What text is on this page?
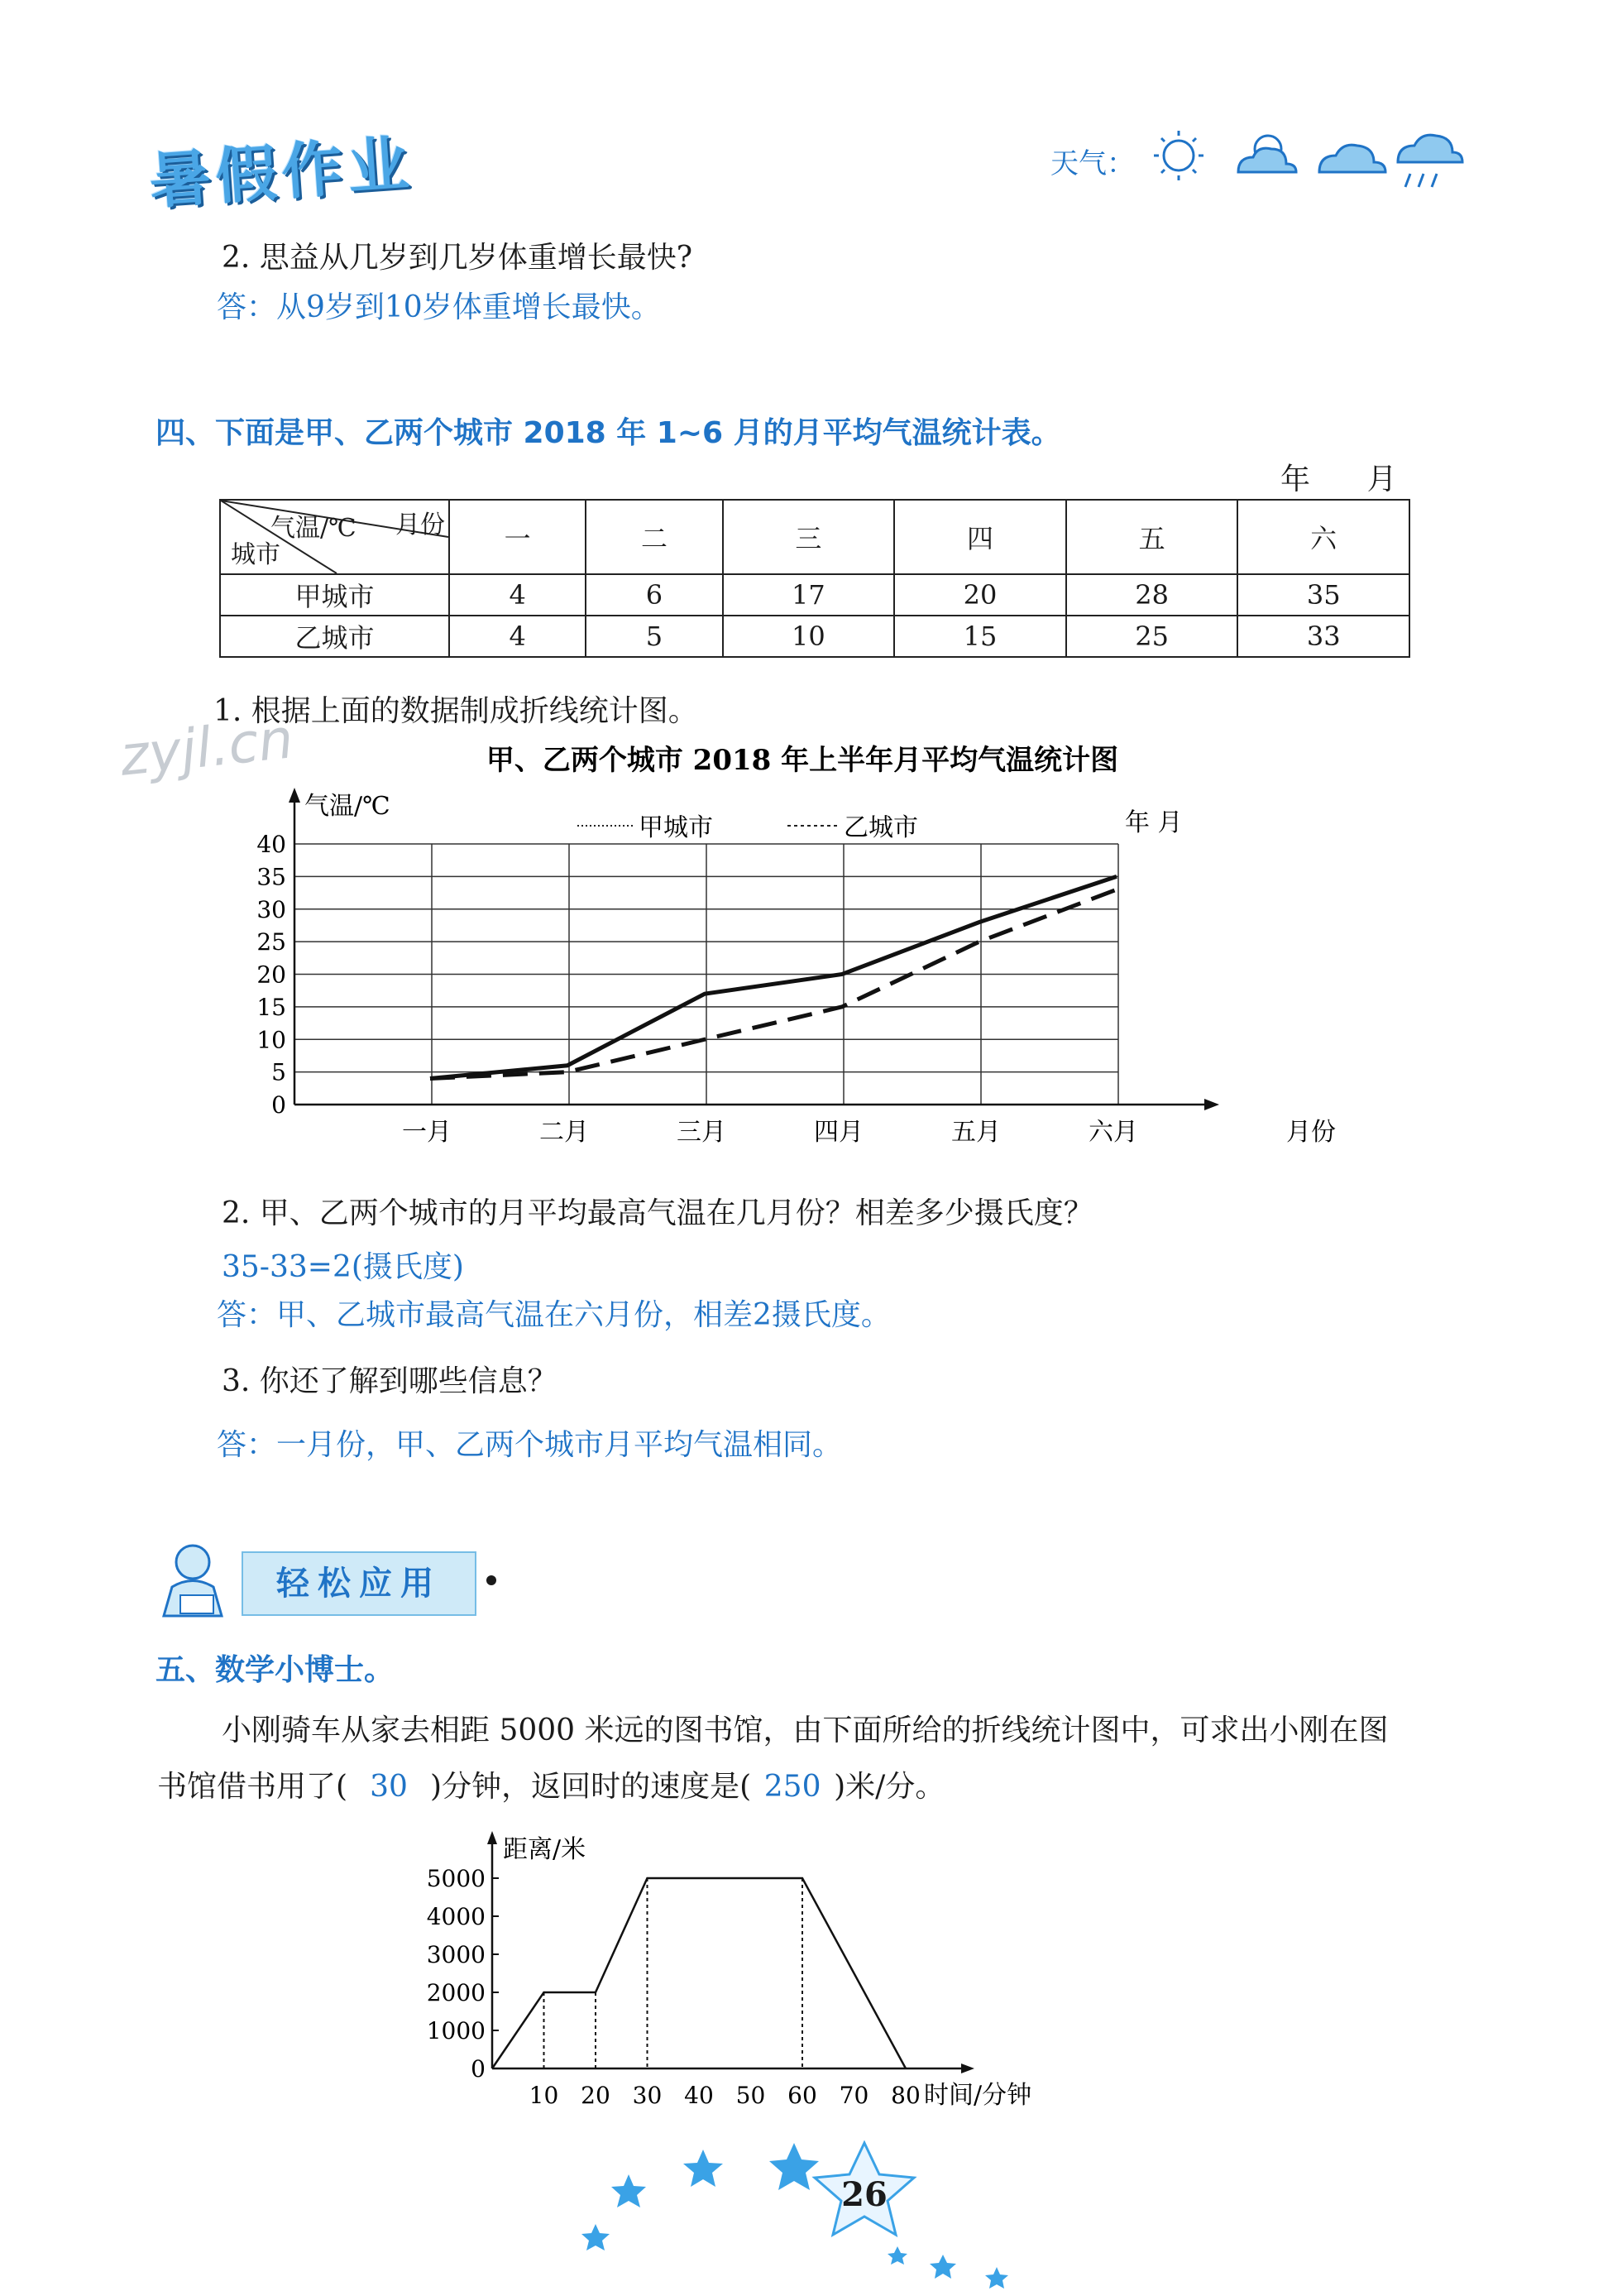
暑假作业	天气：
2. 思益从几岁到几岁体重增长最快?
答：从9岁到10岁体重增长最快。
四、下面是甲、乙两个城市 2018 年 1~6 月的月平均气温统计表。
年      月
月份
气温/℃
城市	一	二	三	四	五	六
甲城市	4	6	17	20	28	35
乙城市	4	5	10	15	25	33
zyjl.cn
1. 根据上面的数据制成折线统计图。
甲、乙两个城市 2018 年上半年月平均气温统计图
气温/℃
年 月
月份
甲城市	乙城市
0
5
10
15
20
25
30
35
40
一月	二月	三月	四月	五月	六月
2. 甲、乙两个城市的月平均最高气温在几月份？相差多少摄氏度？
35-33=2(摄氏度)
答：甲、乙城市最高气温在六月份，相差2摄氏度。
3. 你还了解到哪些信息？
答：一月份，甲、乙两个城市月平均气温相同。
轻松应用
五、数学小博士。
小刚骑车从家去相距 5000 米远的图书馆，由下面所给的折线统计图中，可求出小刚在图
书馆借书用了( 30 )分钟，返回时的速度是( 250 )米/分。
距离/米
0
1000
2000
3000
4000
5000
10 20 30 40 50 60 70 80 时间/分钟
26
